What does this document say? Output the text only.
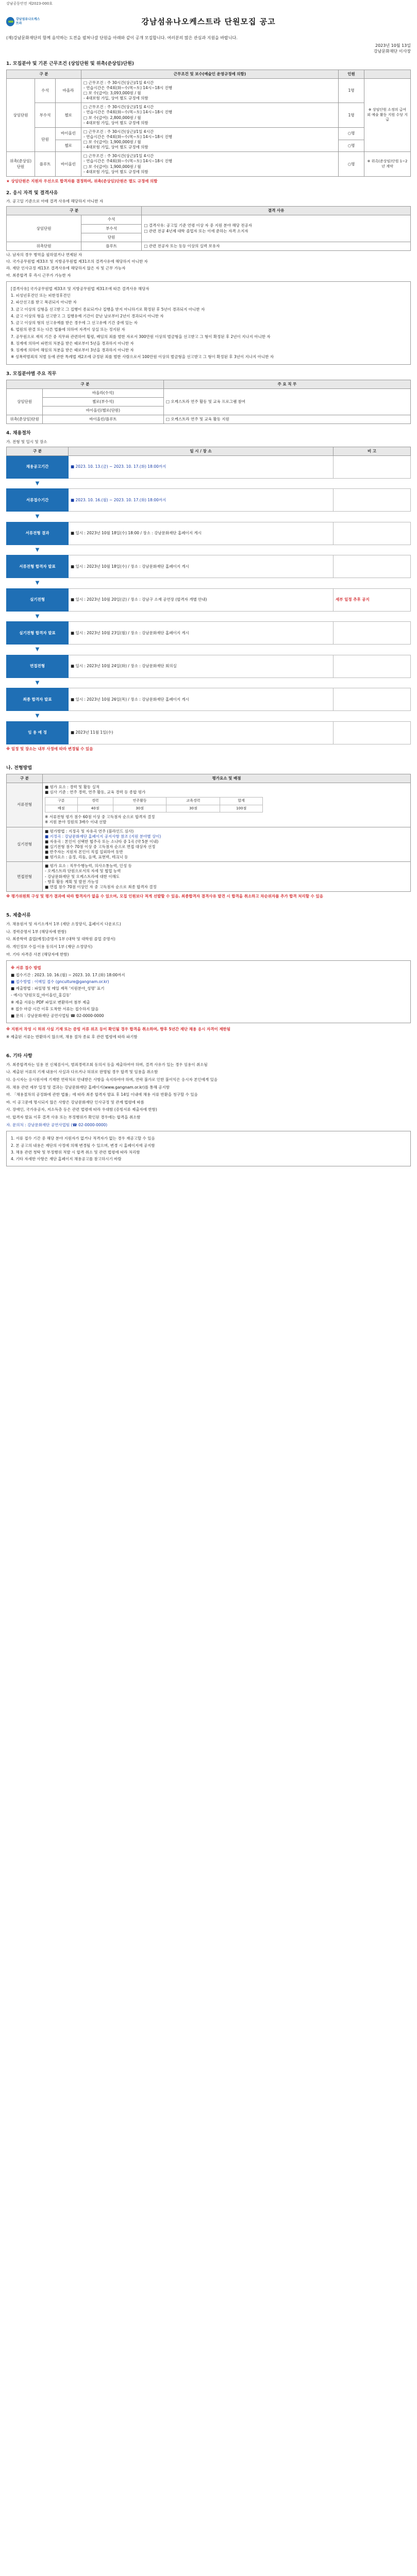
강남공동안전 제2023-000호
강남섬유나오케스트라	강남섬유나오케스트라 단원모집 공고

(재)강남문화재단의 함께 음악하는 도전을 펼쳐나갈 단원을 아래와 같이 공개 모집합니다. 여러분의 많은 관심과 지원을 바랍니다.

2023년 10월 13일
강남문화재단 이사장
1. 모집분야 및 기본 근무조건 (상임단원 및 위촉(준상임)단원)
구 분			근무조건 및 보수(예술인 운영규정에 의함)	인원	
상임단원	수석	바올라	□ 근무조건 : 주 30시간(상근)/1일 4시간
- 연습시간은 주4회(화~수/목~토) 14시~18시 진행
□ 보 수(급여): 3,093,000원 / 월
- 4대보험 가입, 상여 별도 규정에 의함	1명	※ 상임단원 소정의 급여 외 예술 활동 지원 수당 지급
	부수석	첼로	□ 근무조건 : 주 30시간(상근)/1일 4시간
- 연습시간은 주4회(화~수/목~토) 14시~18시 진행
□ 보 수(급여): 2,800,000원 / 월
- 4대보험 가입, 상여 별도 규정에 의함	1명	
	단원	바이올린	□ 근무조건 : 주 30시간(상근)/1일 4시간
- 연습시간은 주4회(화~수/목~토) 14시~18시 진행
□ 보 수(급여): 1,900,000원 / 월
- 4대보험 가입, 상여 별도 규정에 의함	○명	
		첼로		○명	
위촉(준상임)단원	플루트	바이올린	□ 근무조건 : 주 30시간(상근)/1일 4시간
- 연습시간은 주4회(화~수/목~토) 14시~18시 진행
□ 보 수(급여): 1,900,000원 / 월
- 4대보험 가입, 상여 별도 규정에 의함	○명	※ 위촉(준상임)단원 1~2년 계약

★ 상임단원은 지원자 우선으로 합격자를 결정하며, 위촉(준상임)단원은 별도 규정에 의함

2. 응시 자격 및 결격사유

가. 공고일 기준으로 아래 결격 사유에 해당하지 아니한 자

구 분		결격 사유
상임단원	수석	□ 결격사유: 공고일 기준 연령 이상 자 중 지원 분야 해당 전공자
□ 관련 전공 4년제 대학 졸업자 또는 이에 준하는 자격 소지자

	부수석	
	단원	
위촉단원	플루트	□ 관련 전공자 또는 동등 이상의 실력 보유자

나. 남자의 경우 병역을 필하였거나 면제된 자

다. 국가공무원법 제33조 및 지방공무원법 제31조의 결격사유에 해당하지 아니한 자

라. 재단 인사규정 제13조 결격사유에 해당하지 않은 자 및 근무 가능자

마. 최종합격 후 즉시 근무가 가능한 자

[결격사유] 국가공무원법 제33조 및 지방공무원법 제31조에 따른 결격사유 해당자

1. 피성년후견인 또는 피한정후견인

2. 파산선고를 받고 복권되지 아니한 자

3. 금고 이상의 실형을 선고받고 그 집행이 종료되거나 집행을 받지 아니하기로 확정된 후 5년이 경과되지 아니한 자

4. 금고 이상의 형을 선고받고 그 집행유예 기간이 끝난 날로부터 2년이 경과되지 아니한 자

5. 금고 이상의 형의 선고유예를 받은 경우에 그 선고유예 기간 중에 있는 자

6. 법원의 판결 또는 다른 법률에 의하여 자격이 상실 또는 정지된 자

7. 공무원으로 재직 기간 중 직무와 관련하여 횡령, 배임의 죄를 범한 자로서 300만원 이상의 벌금형을 선고받고 그 형이 확정된 후 2년이 지나지 아니한 자

8. 징계에 의하여 파면의 처분을 받은 때로부터 5년을 경과하지 아니한 자

9. 징계에 의하여 해임의 처분을 받은 때로부터 3년을 경과하지 아니한 자

※ 성폭력범죄의 처벌 등에 관한 특례법 제2조에 규정된 죄를 범한 사람으로서 100만원 이상의 벌금형을 선고받고 그 형이 확정된 후 3년이 지나지 아니한 자

3. 모집분야별 주요 직무
구 분		주 요 직 무
상임단원	바올라(수석)	□ 오케스트라 연주 활동 및 교육 프로그램 참여
	첼로(부수석)	
	바이올린/첼로(단원)	
위촉(준상임)단원	바이올린/플루트	□ 오케스트라 연주 및 교육 활동 지원
4. 채용절차

가. 전형 및 일시 및 장소

구 분	일 시 / 장 소	비 고
채용공고기간	■ 2023. 10. 13.(금) ~ 2023. 10. 17.(화) 18:00까지	
▼		
서류접수기간	■ 2023. 10. 16.(월) ~ 2023. 10. 17.(화) 18:00까지	
▼		
서류전형 결과	■ 일시 : 2023년 10월 18일(수) 18:00 / 장소 : 강남문화재단 홈페이지 게시	
▼		
서류전형 합격자 발표	■ 일시 : 2023년 10월 18일(수) / 장소 : 강남문화재단 홈페이지 게시	
▼		
실기전형	■ 일시 : 2023년 10월 20일(금) / 장소 : 강남구 소재 공연장 (합격자 개별 안내)	세부 일정 추후 공지
▼		
실기전형 합격자 발표	■ 일시 : 2023년 10월 23일(월) / 장소 : 강남문화재단 홈페이지 게시	
▼		
면접전형	■ 일시 : 2023년 10월 24일(화) / 장소 : 강남문화재단 회의실	
▼		
최종 합격자 발표	■ 일시 : 2023년 10월 26일(목) / 장소 : 강남문화재단 홈페이지 게시	
▼		
임 용 예 정	■ 2023년 11월 1일(수)	

※ 일정 및 장소는 내부 사정에 따라 변경될 수 있음

나. 전형방법
구 분	평가요소 및 배점
서류전형	

■ 평가 요소 : 경력 및 활동 실적

■ 심사 기준 : 연주 경력, 연주 활동, 교육 경력 등 종합 평가

구분	경력	연주활동	교육경력	합계
배점	40점	30점	30점	100점

※ 서류전형 평가 점수 60점 이상 중 고득점자 순으로 합격자 결정

※ 지원 분야 정원의 3배수 이내 선발

실기전형	

■ 평가방법 : 지정곡 및 자유곡 연주 (블라인드 심사)

■ 지정곡 : 강남문화재단 홈페이지 공지사항 참조 (지원 분야별 상이)

■ 자유곡 : 본인이 선택한 협주곡 또는 소나타 중 1곡 (약 5분 이내)

■ 실기전형 점수 70점 이상 중 고득점자 순으로 면접 대상자 선정

■ 반주자는 지원자 본인이 직접 섭외하여 동반

■ 평가요소 : 음정, 리듬, 음색, 표현력, 테크닉 등

면접전형	

■ 평가 요소 : 직무수행능력, 의사소통능력, 인성 등

- 오케스트라 단원으로서의 자세 및 협업 능력

- 강남문화재단 및 오케스트라에 대한 이해도

- 향후 활동 계획 및 발전 가능성

■ 면접 점수 70점 이상인 자 중 고득점자 순으로 최종 합격자 결정

※ 평가위원회 구성 및 평가 결과에 따라 합격자가 없을 수 있으며, 모집 인원보다 적게 선발할 수 있음. 최종합격자 결격사유 발견 시 합격을 취소하고 차순위자를 추가 합격 처리할 수 있음

5. 제출서류

가. 채용원서 및 자기소개서 1부 (재단 소정양식, 홈페이지 다운로드)

나. 경력증명서 1부 (해당자에 한함)

다. 최종학력 졸업(예정)증명서 1부 (대학 및 대학원 졸업 증명서)

라. 개인정보 수집·이용 동의서 1부 (재단 소정양식)

마. 기타 자격증 사본 (해당자에 한함)

※ 서류 접수 방법

■ 접수기간 : 2023. 10. 16.(월) ~ 2023. 10. 17.(화) 18:00까지

■ 접수방법 : 이메일 접수 (gnculture@gangnam.or.kr)

■ 제출방법 : 파일명 및 메일 제목 '지원분야_성명' 표기

- 예시) '단원모집_바이올린_홍길동'

※ 제출 서류는 PDF 파일로 변환하여 첨부 제출

※ 접수 마감 시간 이후 도착한 서류는 접수하지 않음

■ 문의 : 강남문화재단 공연사업팀 ☎ 02-0000-0000

※ 지원서 작성 시 허위 사실 기재 또는 증빙 서류 위조 등이 확인될 경우 합격을 취소하며, 향후 5년간 재단 채용 응시 자격이 제한됨

※ 제출된 서류는 반환하지 않으며, 채용 절차 종료 후 관련 법령에 따라 파기함

6. 기타 사항

가. 최종합격자는 임용 전 신체검사서, 범죄경력조회 동의서 등을 제출하여야 하며, 결격 사유가 있는 경우 임용이 취소됨

나. 제출된 서류의 기재 내용이 사실과 다르거나 허위로 판명될 경우 합격 및 임용을 취소함

다. 응시자는 응시원서에 기재한 연락처로 안내받은 사항을 숙지하여야 하며, 연락 불가로 인한 불이익은 응시자 본인에게 있음

라. 채용 관련 세부 일정 및 결과는 강남문화재단 홈페이지(www.gangnam.or.kr)를 통해 공지함

마. 「채용절차의 공정화에 관한 법률」에 따라 최종 합격자 발표 후 14일 이내에 채용 서류 반환을 청구할 수 있음

바. 이 공고문에 명시되지 않은 사항은 강남문화재단 인사규정 및 관계 법령에 따름

사. 장애인, 국가유공자, 저소득층 등은 관련 법령에 따라 우대함 (증빙서류 제출자에 한함)

아. 합격자 발표 이후 결격 사유 또는 부정행위가 확인된 경우에는 합격을 취소함

자. 문의처 : 강남문화재단 공연사업팀 (☎ 02-0000-0000)

1. 서류 접수 기간 중 해당 분야 지원자가 없거나 적격자가 없는 경우 재공고할 수 있음

2. 본 공고의 내용은 재단의 사정에 의해 변경될 수 있으며, 변경 시 홈페이지에 공지함

3. 채용 관련 청탁 및 부정행위 적발 시 합격 취소 및 관련 법령에 따라 처리함

4. 기타 자세한 사항은 재단 홈페이지 채용공고를 참고하시기 바람
